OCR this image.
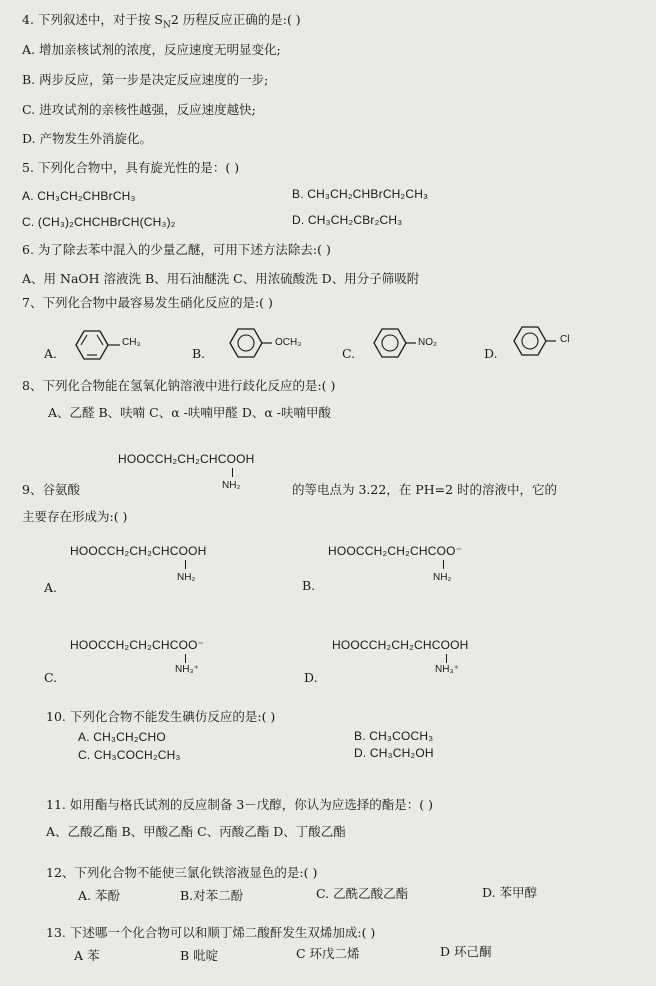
4. 下列叙述中，对于按 $S_N2$ 历程反应正确的是:( )
A. 增加亲核试剂的浓度，反应速度无明显变化;
B. 两步反应，第一步是决定反应速度的一步;
C. 进攻试剂的亲核性越强，反应速度越快;
D. 产物发生外消旋化。
5. 下列化合物中，具有旋光性的是：( )
A. CH₃CH₂CHBrCH₃	B. CH₃CH₂CHBrCH₂CH₃
C. (CH₃)₂CHCHBrCH(CH₃)₂	D. CH₃CH₂CBr₂CH₃
6. 为了除去苯中混入的少量乙醚，可用下述方法除去:( )
A、用 NaOH 溶液洗 B、用石油醚洗 C、用浓硫酸洗 D、用分子筛吸附
7、下列化合物中最容易发生硝化反应的是:( )
A.
CH₃
B.
OCH₃
C.
NO₂
D.
Cl
8、下列化合物能在氢氧化钠溶液中进行歧化反应的是:( )
A、乙醛 B、呋喃 C、α -呋喃甲醛 D、α -呋喃甲酸
HOOCCH₂CH₂CHCOOH
NH₂
9、谷氨酸	的等电点为 3.22，在 PH=2 时的溶液中，它的
主要存在形成为:( )
HOOCCH₂CH₂CHCOOH
NH₂
A.
HOOCCH₂CH₂CHCOO⁻
NH₂
B.
HOOCCH₂CH₂CHCOO⁻
NH₃⁺
C.
HOOCCH₂CH₂CHCOOH
NH₃⁺
D.
10. 下列化合物不能发生碘仿反应的是:( )
A. CH₃CH₂CHO	B. CH₃COCH₃
C. CH₃COCH₂CH₃	D. CH₃CH₂OH
11. 如用酯与格氏试剂的反应制备 3－戊醇，你认为应选择的酯是：( )
A、乙酸乙酯 B、甲酸乙酯 C、丙酸乙酯 D、丁酸乙酯
12、下列化合物不能使三氯化铁溶液显色的是:( )
A. 苯酚	B.对苯二酚	C. 乙酰乙酸乙酯	D. 苯甲醇
13. 下述哪一个化合物可以和顺丁烯二酸酐发生双烯加成:( )
A 苯	B 吡啶	C 环戊二烯	D 环己酮
